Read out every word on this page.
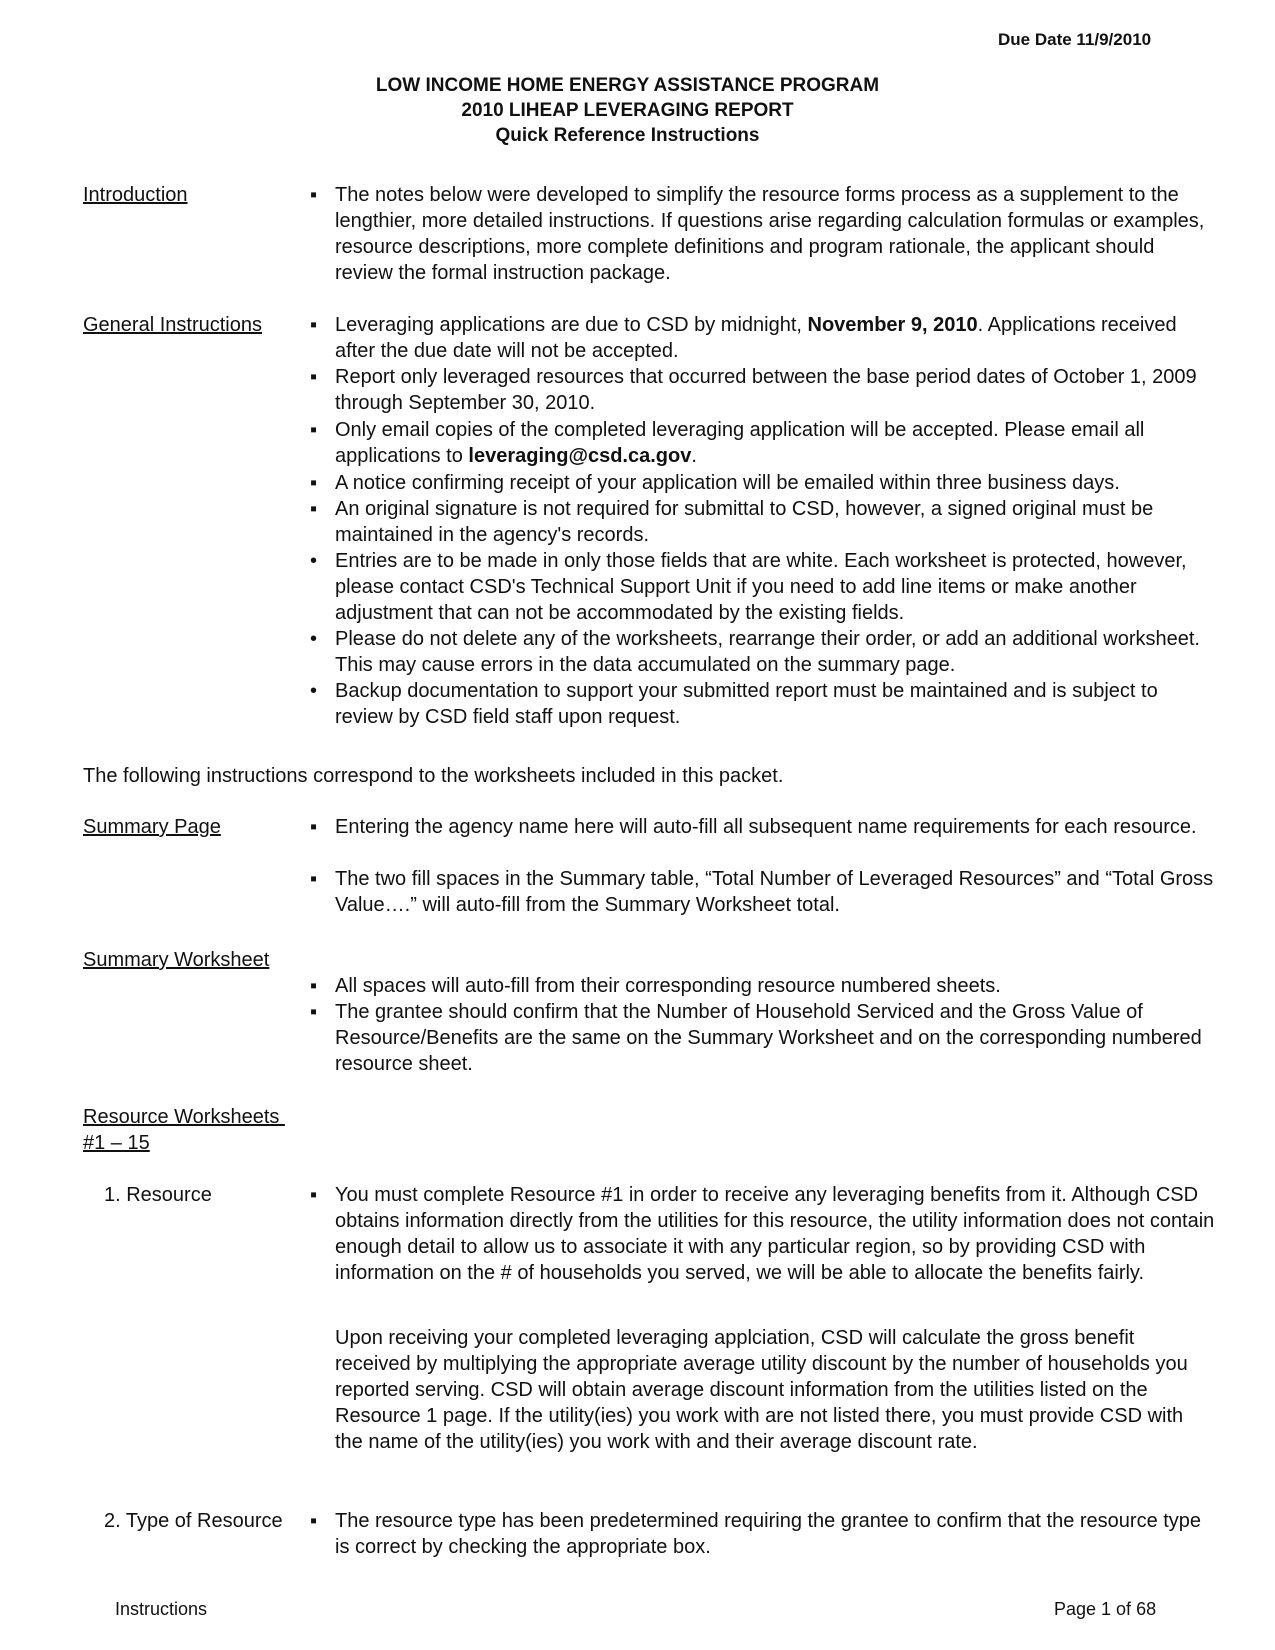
Due Date 11/9/2010
LOW INCOME HOME ENERGY ASSISTANCE PROGRAM
2010 LIHEAP LEVERAGING REPORT
Quick Reference Instructions
Introduction	▪ The notes below were developed to simplify the resource forms process as a supplement to the lengthier, more detailed instructions. If questions arise regarding calculation formulas or examples, resource descriptions, more complete definitions and program rationale, the applicant should review the formal instruction package.
General Instructions ▪ Leveraging applications are due to CSD by midnight, November 9, 2010. Applications received after the due date will not be accepted.
▪ Report only leveraged resources that occurred between the base period dates of October 1, 2009 through September 30, 2010.
▪ Only email copies of the completed leveraging application will be accepted. Please email all applications to leveraging@csd.ca.gov.
▪ A notice confirming receipt of your application will be emailed within three business days.
▪ An original signature is not required for submittal to CSD, however, a signed original must be maintained in the agency's records.
• Entries are to be made in only those fields that are white. Each worksheet is protected, however, please contact CSD's Technical Support Unit if you need to add line items or make another adjustment that can not be accommodated by the existing fields.
• Please do not delete any of the worksheets, rearrange their order, or add an additional worksheet. This may cause errors in the data accumulated on the summary page.
• Backup documentation to support your submitted report must be maintained and is subject to review by CSD field staff upon request.
The following instructions correspond to the worksheets included in this packet.
Summary Page	▪ Entering the agency name here will auto-fill all subsequent name requirements for each resource.
▪ The two fill spaces in the Summary table, “Total Number of Leveraged Resources” and “Total Gross Value….” will auto-fill from the Summary Worksheet total.
Summary Worksheet
▪ All spaces will auto-fill from their corresponding resource numbered sheets.
▪ The grantee should confirm that the Number of Household Serviced and the Gross Value of Resource/Benefits are the same on the Summary Worksheet and on the corresponding numbered resource sheet.
Resource Worksheets
#1 – 15
1. Resource	▪ You must complete Resource #1 in order to receive any leveraging benefits from it. Although CSD obtains information directly from the utilities for this resource, the utility information does not contain enough detail to allow us to associate it with any particular region, so by providing CSD with information on the # of households you served, we will be able to allocate the benefits fairly.
Upon receiving your completed leveraging applciation, CSD will calculate the gross benefit received by multiplying the appropriate average utility discount by the number of households you reported serving. CSD will obtain average discount information from the utilities listed on the Resource 1 page. If the utility(ies) you work with are not listed there, you must provide CSD with the name of the utility(ies) you work with and their average discount rate.
2. Type of Resource ▪ The resource type has been predetermined requiring the grantee to confirm that the resource type is correct by checking the appropriate box.
Instructions	Page 1 of 68
